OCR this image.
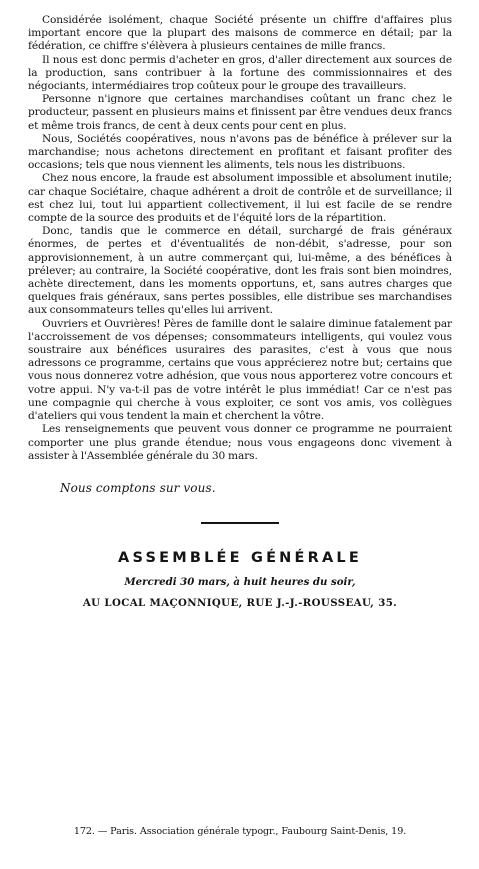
Considérée isolément, chaque Société présente un chiffre d'affaires plus important encore que la plupart des maisons de commerce en détail; par la fédération, ce chiffre s'élèvera à plusieurs centaines de mille francs.

Il nous est donc permis d'acheter en gros, d'aller directement aux sources de la production, sans contribuer à la fortune des commissionnaires et des négociants, intermédiaires trop coûteux pour le groupe des travailleurs.

Personne n'ignore que certaines marchandises coûtant un franc chez le producteur, passent en plusieurs mains et finissent par être vendues deux francs et même trois francs, de cent à deux cents pour cent en plus.

Nous, Sociétés coopératives, nous n'avons pas de bénéfice à prélever sur la marchandise; nous achetons directement en profitant et faisant profiter des occasions; tels que nous viennent les aliments, tels nous les distribuons.

Chez nous encore, la fraude est absolument impossible et absolument inutile; car chaque Sociétaire, chaque adhérent a droit de contrôle et de surveillance; il est chez lui, tout lui appartient collectivement, il lui est facile de se rendre compte de la source des produits et de l'équité lors de la répartition.

Donc, tandis que le commerce en détail, surchargé de frais généraux énormes, de pertes et d'éventualités de non-débit, s'adresse, pour son approvisionnement, à un autre commerçant qui, lui-même, a des bénéfices à prélever; au contraire, la Société coopérative, dont les frais sont bien moindres, achète directement, dans les moments opportuns, et, sans autres charges que quelques frais généraux, sans pertes possibles, elle distribue ses marchandises aux consommateurs telles qu'elles lui arrivent.

Ouvriers et Ouvrières! Pères de famille dont le salaire diminue fatalement par l'accroissement de vos dépenses; consommateurs intelligents, qui voulez vous soustraire aux bénéfices usuraires des parasites, c'est à vous que nous adressons ce programme, certains que vous apprécierez notre but; certains que vous nous donnerez votre adhésion, que vous nous apporterez votre concours et votre appui. N'y va-t-il pas de votre intérêt le plus immédiat! Car ce n'est pas une compagnie qui cherche à vous exploiter, ce sont vos amis, vos collègues d'ateliers qui vous tendent la main et cherchent la vôtre.

Les renseignements que peuvent vous donner ce programme ne pourraient comporter une plus grande étendue; nous vous engageons donc vivement à assister à l'Assemblée générale du 30 mars.

Nous comptons sur vous.

ASSEMBLÉE GÉNÉRALE
Mercredi 30 mars, à huit heures du soir,
AU LOCAL MAÇONNIQUE, RUE J.-J.-ROUSSEAU, 35.
172. — Paris. Association générale typogr., Faubourg Saint-Denis, 19.
